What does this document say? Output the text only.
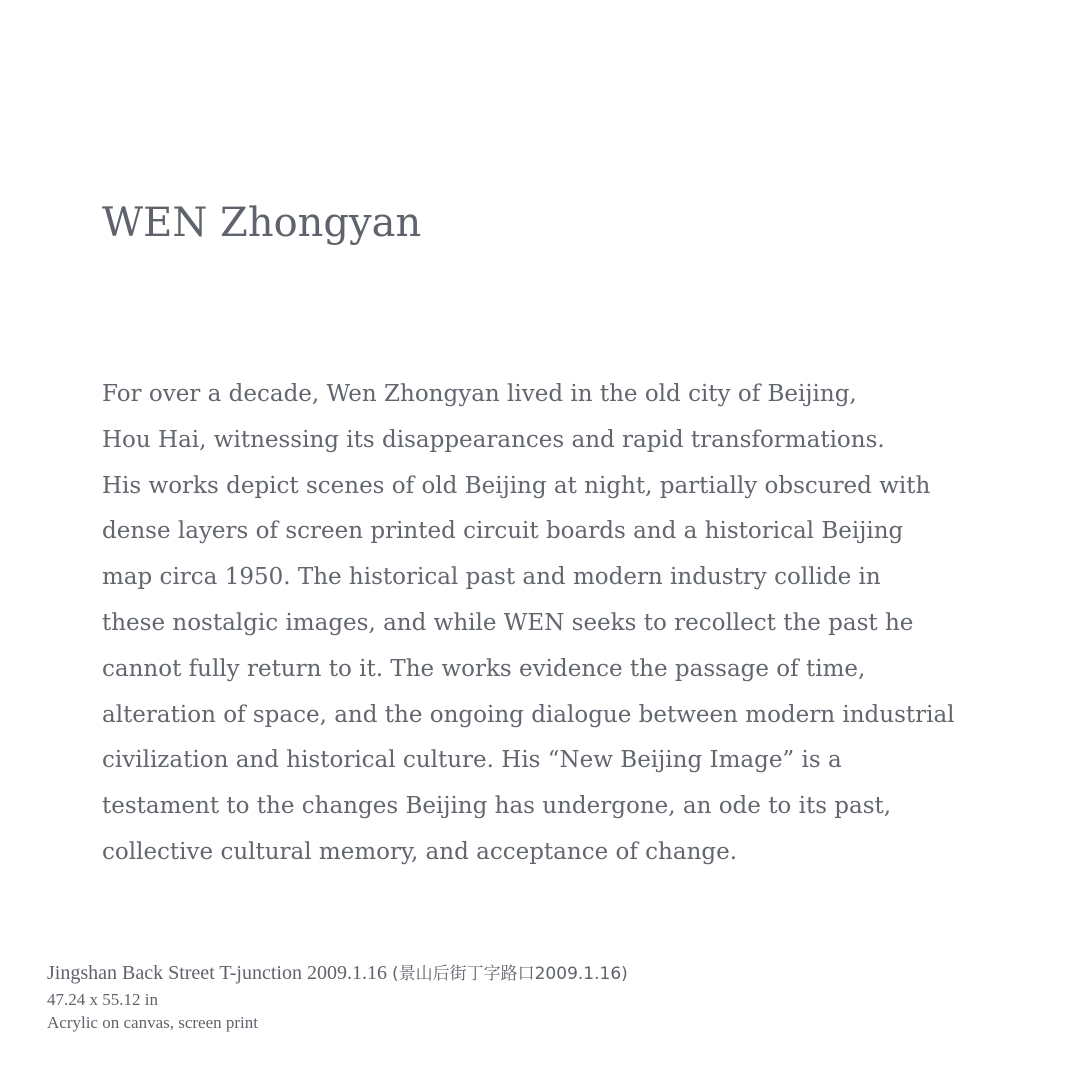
WEN Zhongyan
For over a decade, Wen Zhongyan lived in the old city of Beijing,
Hou Hai, witnessing its disappearances and rapid transformations.
His works depict scenes of old Beijing at night, partially obscured with
dense layers of screen printed circuit boards and a historical Beijing
map circa 1950. The historical past and modern industry collide in
these nostalgic images, and while WEN seeks to recollect the past he
cannot fully return to it. The works evidence the passage of time,
alteration of space, and the ongoing dialogue between modern industrial
civilization and historical culture. His “New Beijing Image” is a
testament to the changes Beijing has undergone, an ode to its past,
collective cultural memory, and acceptance of change.
Jingshan Back Street T-junction 2009.1.16 (景山后街丁字路口2009.1.16)
47.24 x 55.12 in
Acrylic on canvas, screen print
